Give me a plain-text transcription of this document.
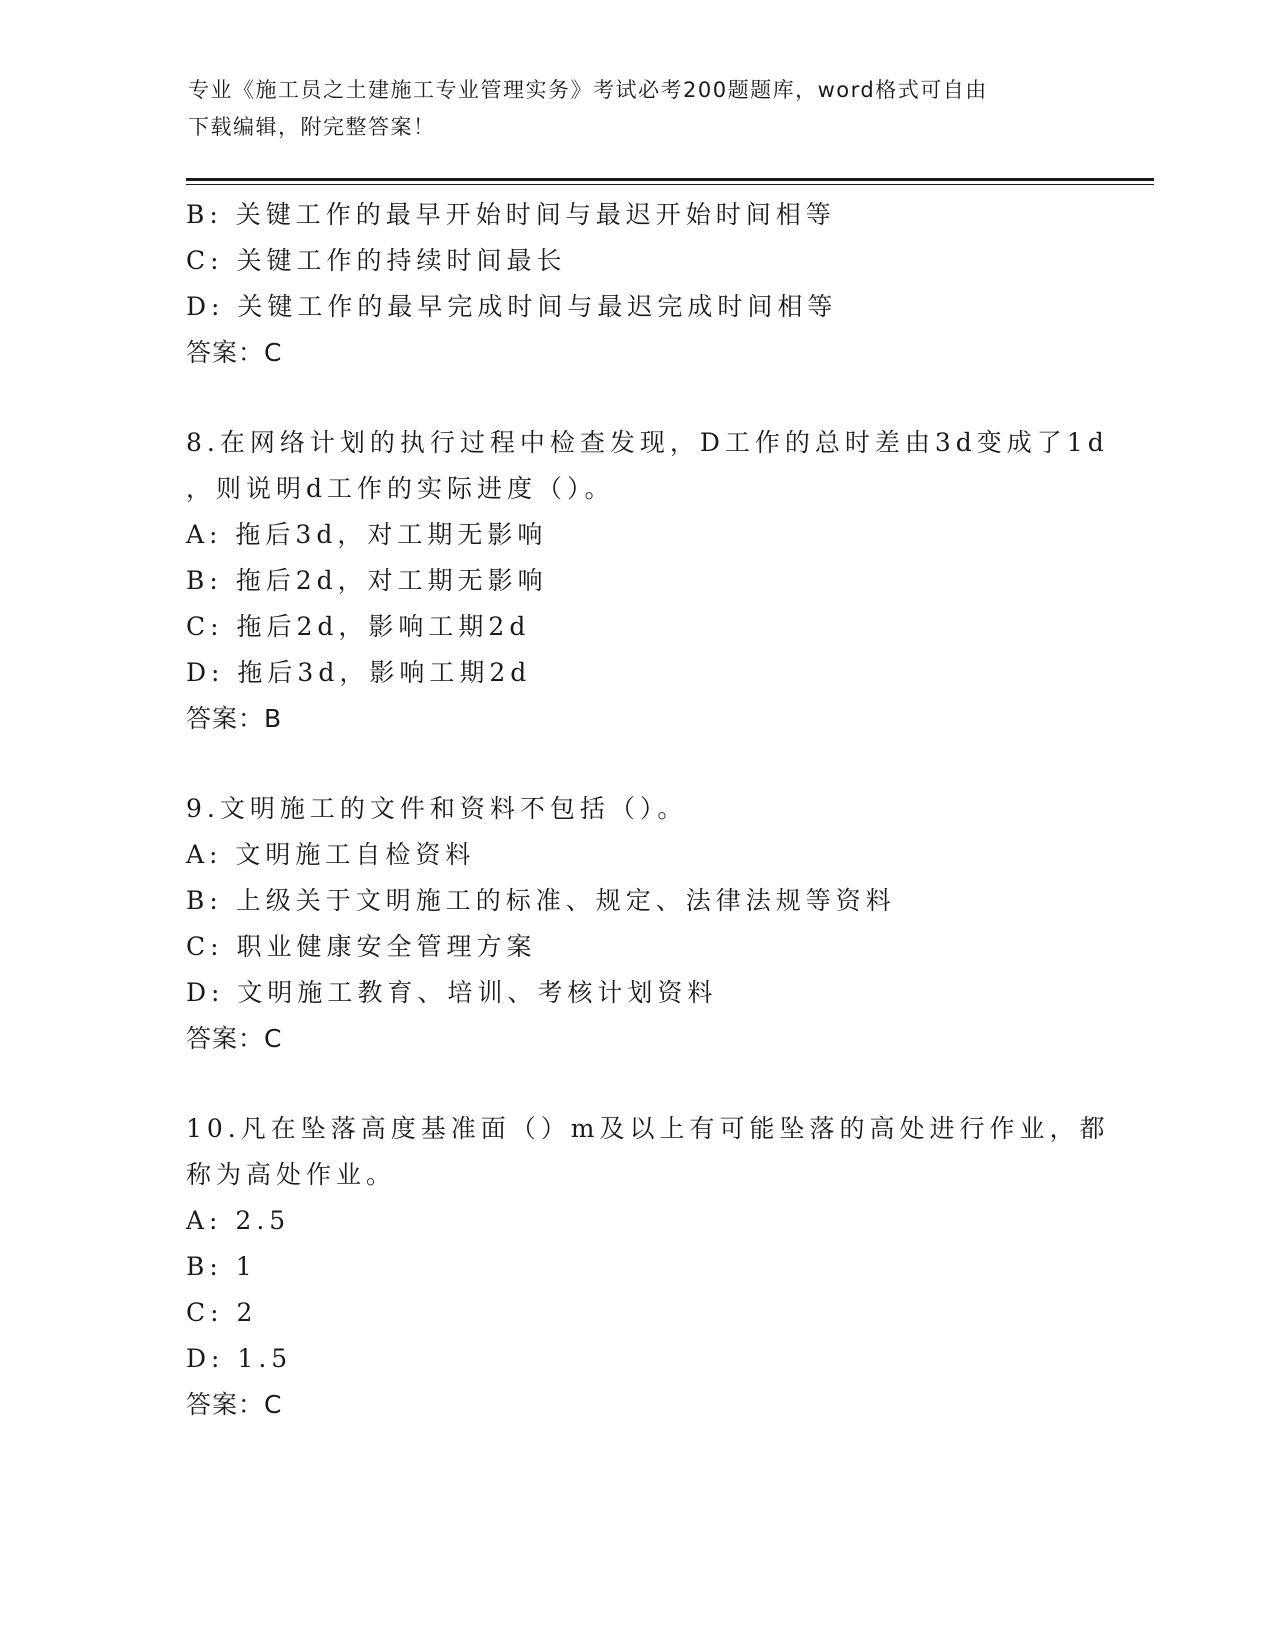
专业《施工员之土建施工专业管理实务》考试必考200题题库，word格式可自由
下载编辑，附完整答案！
B: 关键工作的最早开始时间与最迟开始时间相等
C: 关键工作的持续时间最长
D: 关键工作的最早完成时间与最迟完成时间相等
答案：C
8.在网络计划的执行过程中检查发现，D工作的总时差由3d变成了1d
，则说明d工作的实际进度（）。
A: 拖后3d，对工期无影响
B: 拖后2d，对工期无影响
C: 拖后2d，影响工期2d
D: 拖后3d，影响工期2d
答案：B
9.文明施工的文件和资料不包括（）。
A: 文明施工自检资料
B: 上级关于文明施工的标准、规定、法律法规等资料
C: 职业健康安全管理方案
D: 文明施工教育、培训、考核计划资料
答案：C
10.凡在坠落高度基准面（）m及以上有可能坠落的高处进行作业，都
称为高处作业。
A: 2.5
B: 1
C: 2
D: 1.5
答案：C
